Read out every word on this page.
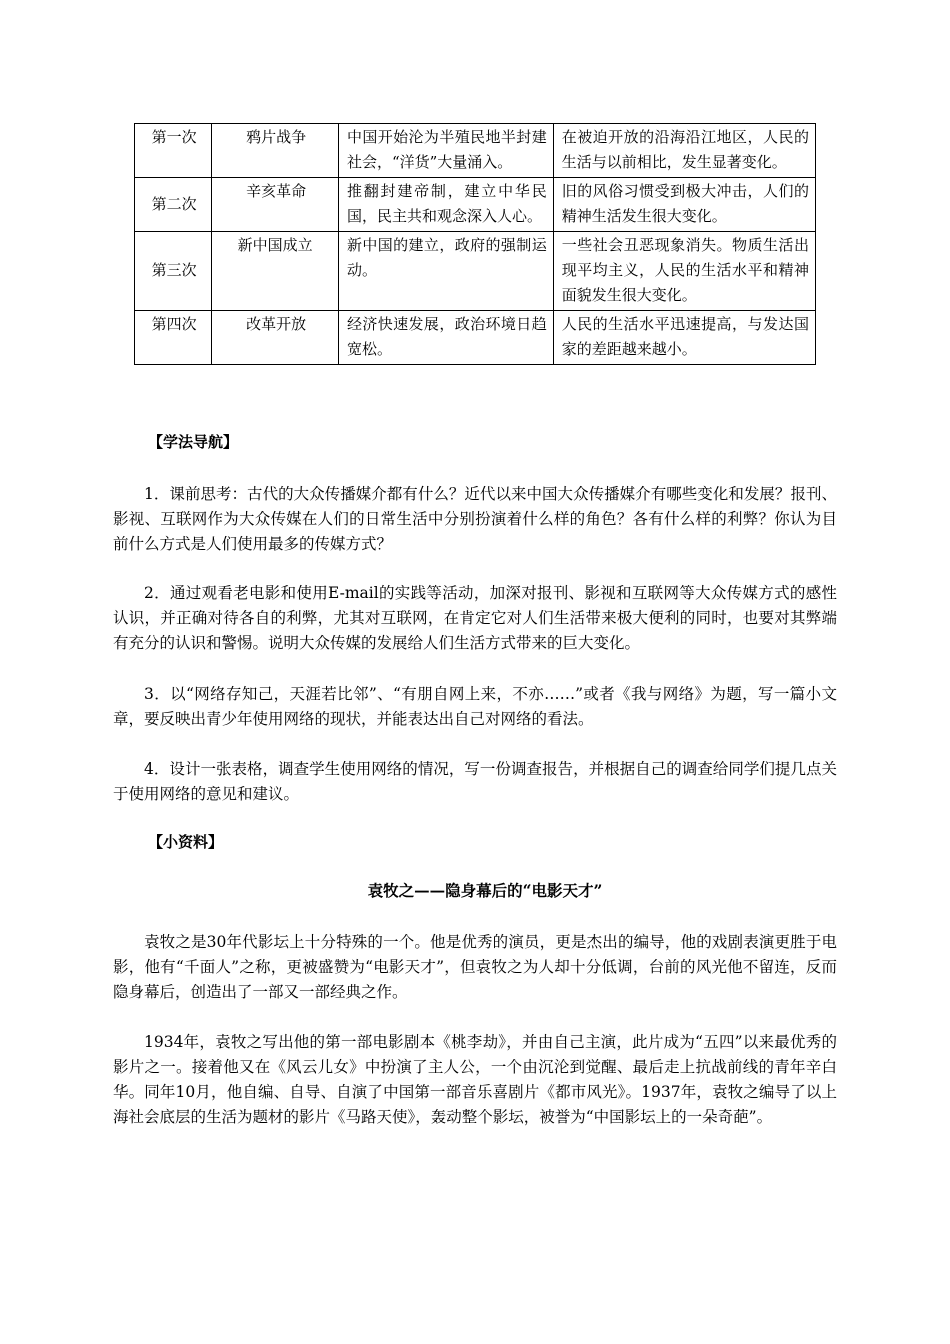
第一次	鸦片战争	中国开始沦为半殖民地半封建社会，“洋货”大量涌入。	在被迫开放的沿海沿江地区，人民的生活与以前相比，发生显著变化。
第二次	辛亥革命	推翻封建帝制，建立中华民国，民主共和观念深入人心。	旧的风俗习惯受到极大冲击，人们的精神生活发生很大变化。
第三次	新中国成立	新中国的建立，政府的强制运动。	一些社会丑恶现象消失。物质生活出现平均主义，人民的生活水平和精神面貌发生很大变化。
第四次	改革开放	经济快速发展，政治环境日趋宽松。	人民的生活水平迅速提高，与发达国家的差距越来越小。
【学法导航】
1．课前思考：古代的大众传播媒介都有什么？近代以来中国大众传播媒介有哪些变化和发展？报刊、影视、互联网作为大众传媒在人们的日常生活中分别扮演着什么样的角色？各有什么样的利弊？你认为目前什么方式是人们使用最多的传媒方式？
2．通过观看老电影和使用E-mail的实践等活动，加深对报刊、影视和互联网等大众传媒方式的感性认识，并正确对待各自的利弊，尤其对互联网，在肯定它对人们生活带来极大便利的同时，也要对其弊端有充分的认识和警惕。说明大众传媒的发展给人们生活方式带来的巨大变化。
3．以“网络存知己，天涯若比邻”、“有朋自网上来，不亦……”或者《我与网络》为题，写一篇小文章，要反映出青少年使用网络的现状，并能表达出自己对网络的看法。
4．设计一张表格，调查学生使用网络的情况，写一份调查报告，并根据自己的调查给同学们提几点关于使用网络的意见和建议。
【小资料】
袁牧之——隐身幕后的“电影天才”
袁牧之是30年代影坛上十分特殊的一个。他是优秀的演员，更是杰出的编导，他的戏剧表演更胜于电影，他有“千面人”之称，更被盛赞为“电影天才”，但袁牧之为人却十分低调，台前的风光他不留连，反而隐身幕后，创造出了一部又一部经典之作。
1934年，袁牧之写出他的第一部电影剧本《桃李劫》，并由自己主演，此片成为“五四”以来最优秀的影片之一。接着他又在《风云儿女》中扮演了主人公，一个由沉沦到觉醒、最后走上抗战前线的青年辛白华。同年10月，他自编、自导、自演了中国第一部音乐喜剧片《都市风光》。1937年，袁牧之编导了以上海社会底层的生活为题材的影片《马路天使》，轰动整个影坛，被誉为“中国影坛上的一朵奇葩”。
